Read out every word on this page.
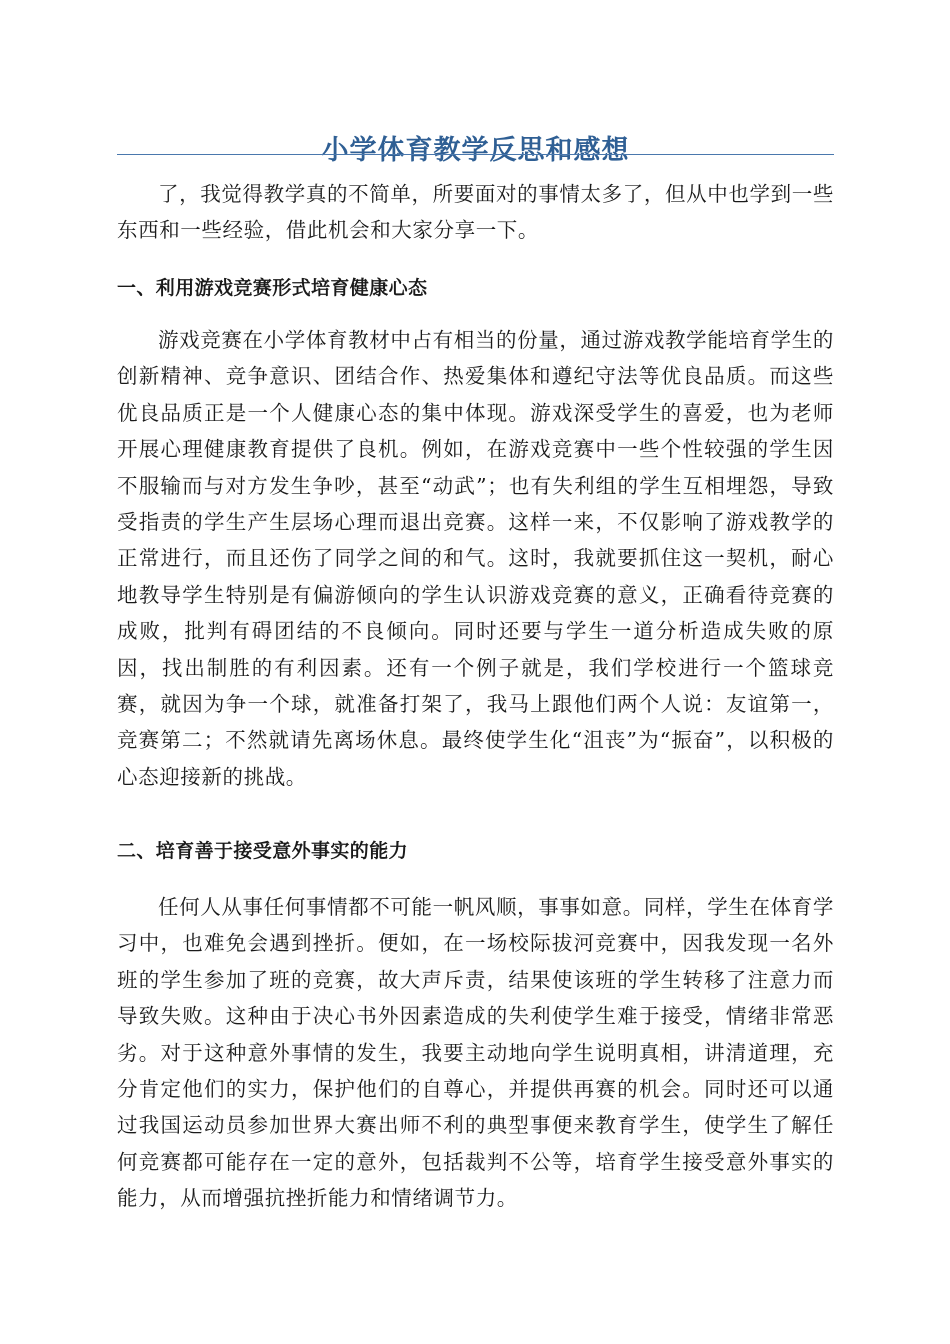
小学体育教学反思和感想

了，我觉得教学真的不简单，所要面对的事情太多了，但从中也学到一些东西和一些经验，借此机会和大家分享一下。

一、利用游戏竞赛形式培育健康心态

游戏竞赛在小学体育教材中占有相当的份量，通过游戏教学能培育学生的创新精神、竞争意识、团结合作、热爱集体和遵纪守法等优良品质。而这些优良品质正是一个人健康心态的集中体现。游戏深受学生的喜爱，也为老师开展心理健康教育提供了良机。例如，在游戏竞赛中一些个性较强的学生因不服输而与对方发生争吵，甚至“动武”；也有失利组的学生互相埋怨，导致受指责的学生产生层场心理而退出竞赛。这样一来，不仅影响了游戏教学的正常进行，而且还伤了同学之间的和气。这时，我就要抓住这一契机，耐心地教导学生特别是有偏游倾向的学生认识游戏竞赛的意义，正确看待竞赛的成败，批判有碍团结的不良倾向。同时还要与学生一道分析造成失败的原因，找出制胜的有利因素。还有一个例子就是，我们学校进行一个篮球竞赛，就因为争一个球，就准备打架了，我马上跟他们两个人说：友谊第一，竞赛第二；不然就请先离场休息。最终使学生化“沮丧”为“振奋”，以积极的心态迎接新的挑战。

二、培育善于接受意外事实的能力

任何人从事任何事情都不可能一帆风顺，事事如意。同样，学生在体育学习中，也难免会遇到挫折。便如，在一场校际拔河竞赛中，因我发现一名外班的学生参加了班的竞赛，故大声斥责，结果使该班的学生转移了注意力而导致失败。这种由于决心书外因素造成的失利使学生难于接受，情绪非常恶劣。对于这种意外事情的发生，我要主动地向学生说明真相，讲清道理，充分肯定他们的实力，保护他们的自尊心，并提供再赛的机会。同时还可以通过我国运动员参加世界大赛出师不利的典型事便来教育学生，使学生了解任何竞赛都可能存在一定的意外，包括裁判不公等，培育学生接受意外事实的能力，从而增强抗挫折能力和情绪调节力。
